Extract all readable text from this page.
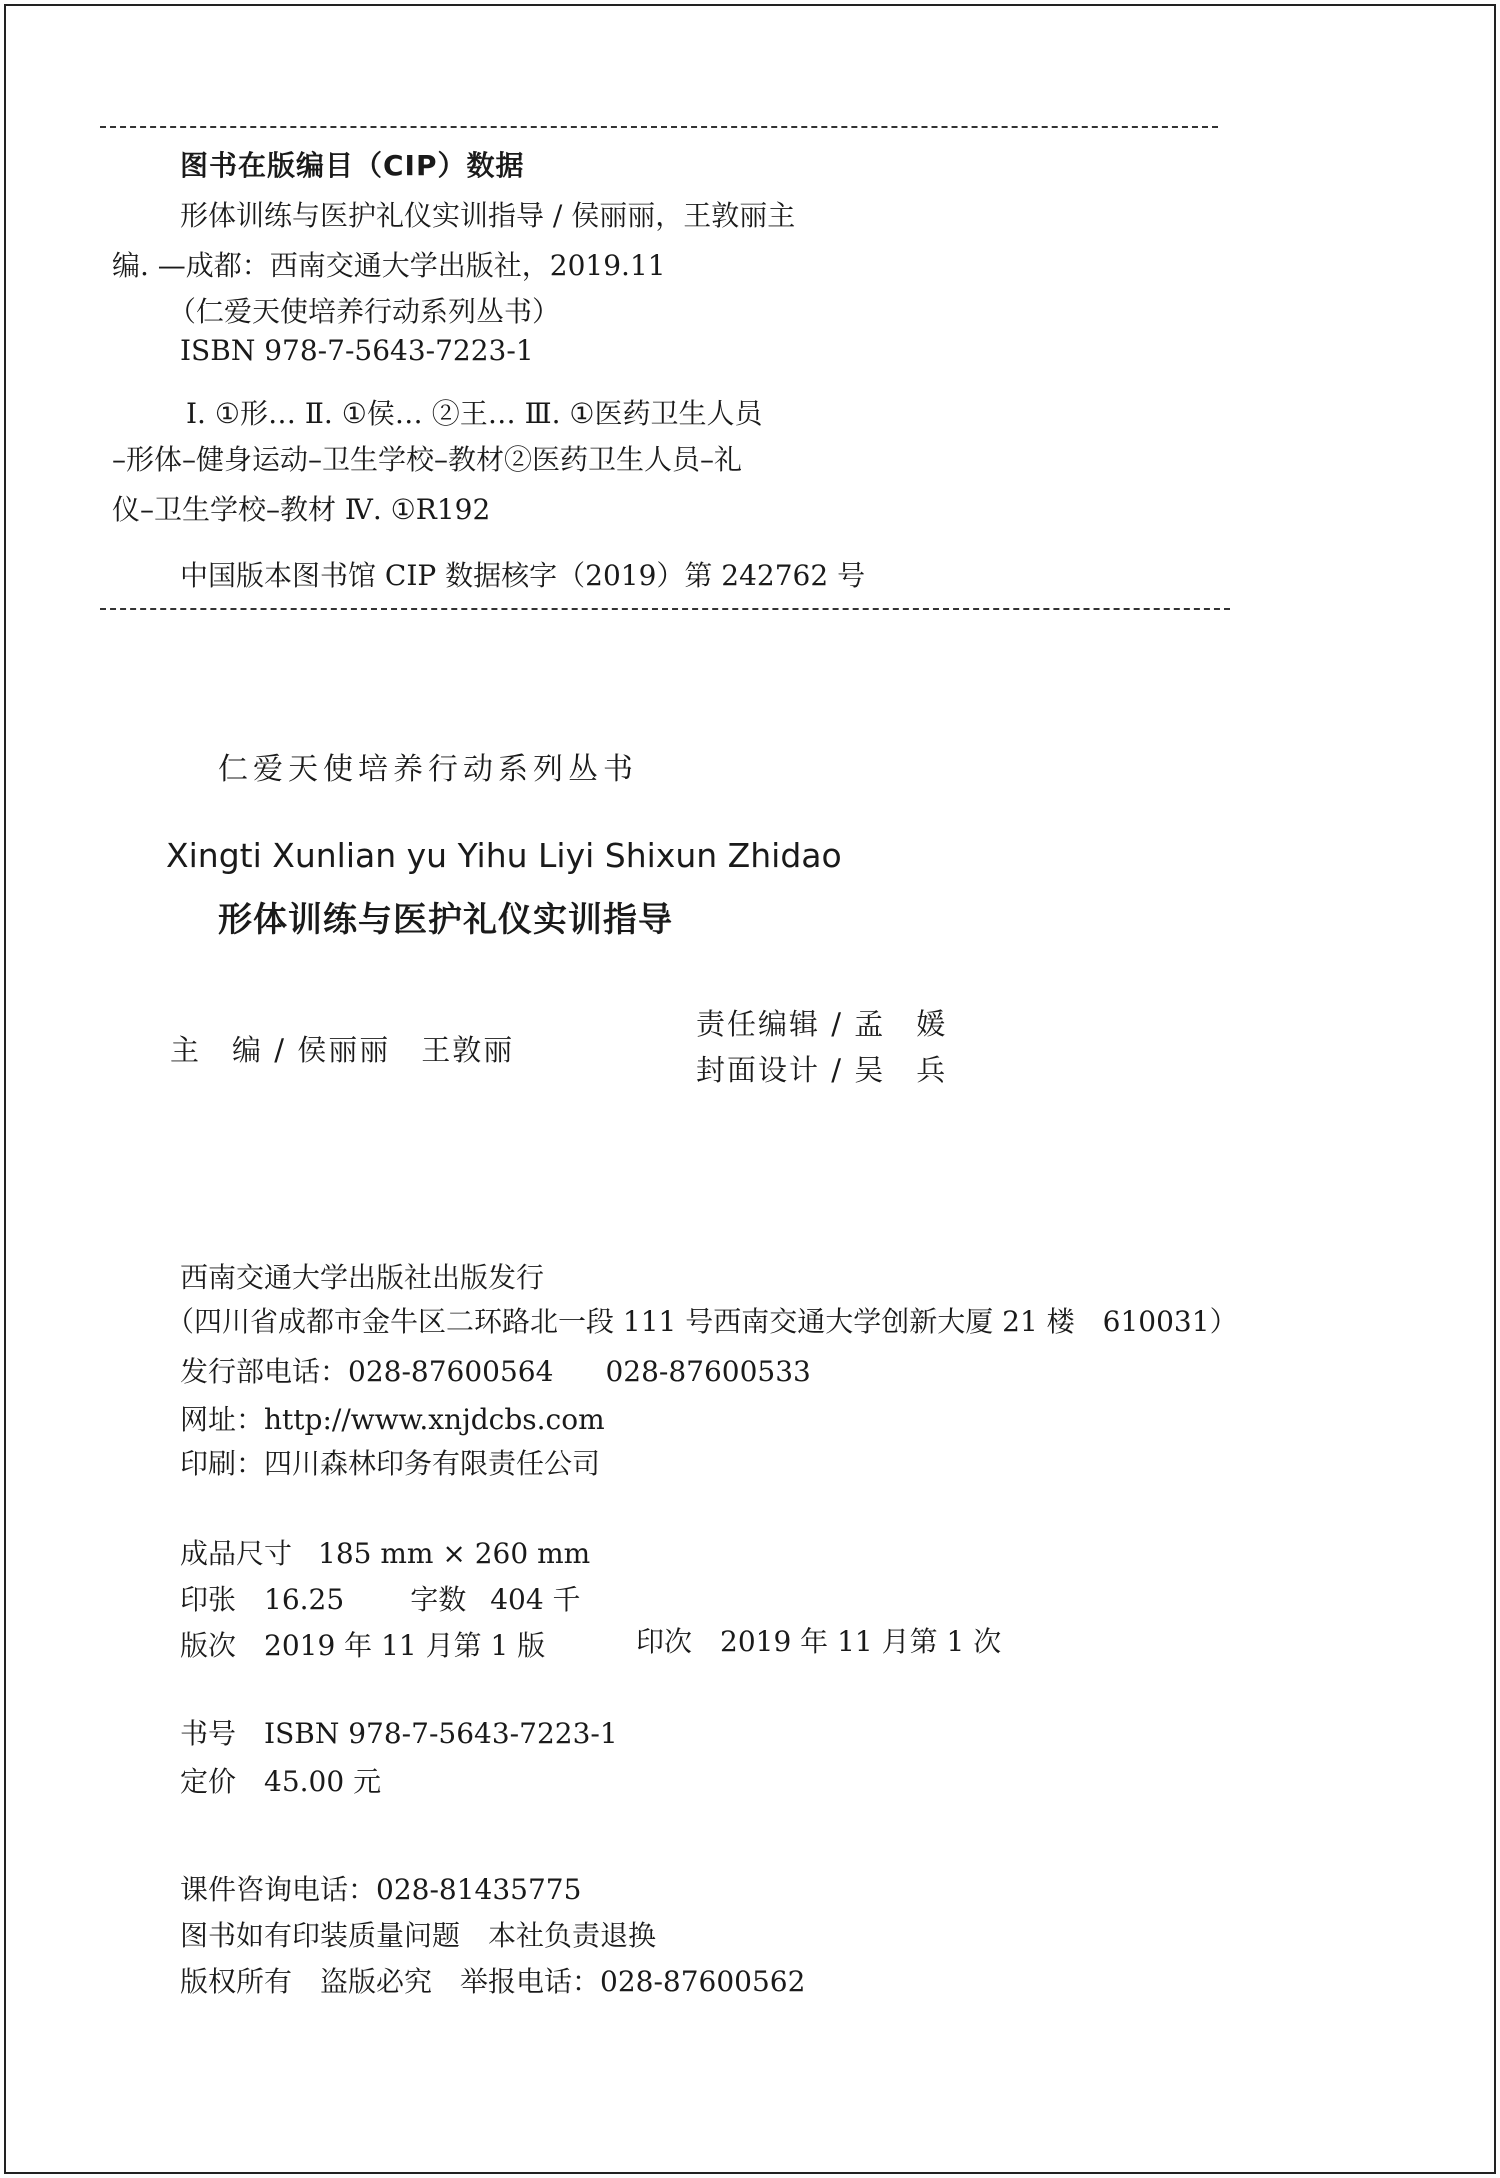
图书在版编目（CIP）数据
形体训练与医护礼仪实训指导 / 侯丽丽，王敦丽主
编. —成都：西南交通大学出版社，2019.11
（仁爱天使培养行动系列丛书）
ISBN 978-7-5643-7223-1
Ⅰ. ①形… Ⅱ. ①侯… ②王… Ⅲ. ①医药卫生人员
–形体–健身运动–卫生学校–教材②医药卫生人员–礼
仪–卫生学校–教材 Ⅳ. ①R192
中国版本图书馆 CIP 数据核字（2019）第 242762 号
仁爱天使培养行动系列丛书
Xingti Xunlian yu Yihu Liyi Shixun Zhidao
形体训练与医护礼仪实训指导
主　编 / 侯丽丽　王敦丽
责任编辑 / 孟　媛
封面设计 / 吴　兵
西南交通大学出版社出版发行
（四川省成都市金牛区二环路北一段 111 号西南交通大学创新大厦 21 楼　610031）
发行部电话：028-87600564 028-87600533
网址：http://www.xnjdcbs.com
印刷：四川森林印务有限责任公司
成品尺寸 185 mm × 260 mm
印张 16.25 字数 404 千
版次 2019 年 11 月第 1 版	印次 2019 年 11 月第 1 次
书号 ISBN 978-7-5643-7223-1
定价 45.00 元
课件咨询电话：028-81435775
图书如有印装质量问题　本社负责退换
版权所有　盗版必究　举报电话：028-87600562
